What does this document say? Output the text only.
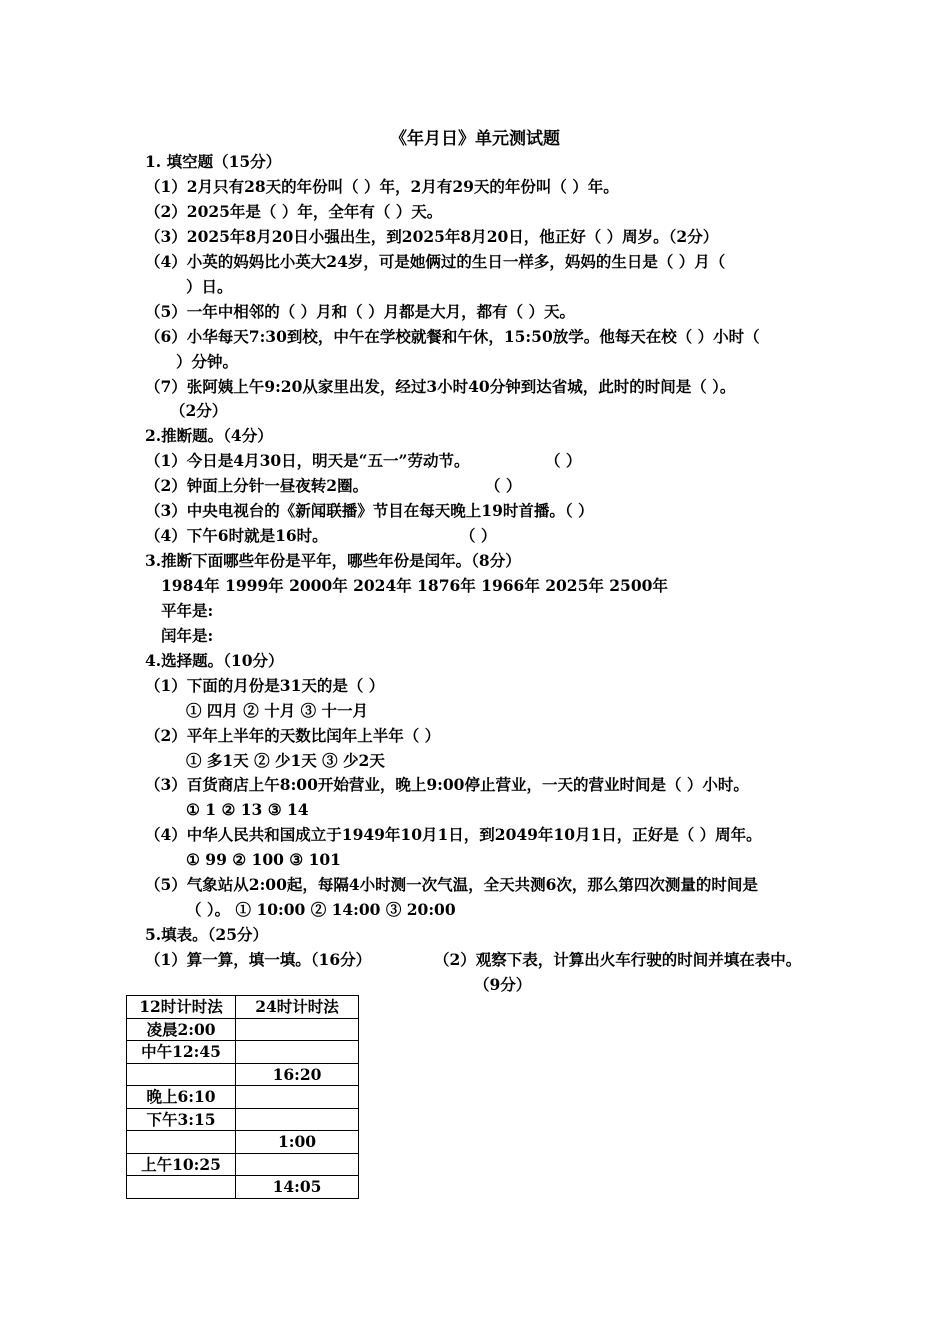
《年月日》单元测试题
1. 填空题（15分）
（1）2月只有28天的年份叫（ ）年，2月有29天的年份叫（ ）年。
（2）2025年是（ ）年，全年有（ ）天。
（3）2025年8月20日小强出生，到2025年8月20日，他正好（ ）周岁。（2分）
（4）小英的妈妈比小英大24岁，可是她俩过的生日一样多，妈妈的生日是（ ）月（
）日。
（5）一年中相邻的（ ）月和（ ）月都是大月，都有（ ）天。
（6）小华每天7:30到校，中午在学校就餐和午休，15:50放学。他每天在校（ ）小时（
）分钟。
（7）张阿姨上午9:20从家里出发，经过3小时40分钟到达省城，此时的时间是（ ）。
（2分）
2.推断题。（4分）
（1）今日是4月30日，明天是“五一”劳动节。	（ ）
（2）钟面上分针一昼夜转2圈。	（ ）
（3）中央电视台的《新闻联播》节目在每天晚上19时首播。（ ）
（4）下午6时就是16时。	（ ）
3.推断下面哪些年份是平年，哪些年份是闰年。（8分）
1984年 1999年 2000年 2024年 1876年 1966年 2025年 2500年
平年是:
闰年是:
4.选择题。（10分）
（1）下面的月份是31天的是（ ）
① 四月 ② 十月 ③ 十一月
（2）平年上半年的天数比闰年上半年（ ）
① 多1天 ② 少1天 ③ 少2天
（3）百货商店上午8:00开始营业，晚上9:00停止营业，一天的营业时间是（ ）小时。
① 1 ② 13 ③ 14
（4）中华人民共和国成立于1949年10月1日，到2049年10月1日，正好是（ ）周年。
① 99 ② 100 ③ 101
（5）气象站从2:00起，每隔4小时测一次气温，全天共测6次，那么第四次测量的时间是
（ ）。 ① 10:00 ② 14:00 ③ 20:00
5.填表。（25分）
（1）算一算，填一填。（16分）	（2）观察下表，计算出火车行驶的时间并填在表中。
（9分）
12时计时法	24时计时法
凌晨2:00	
中午12:45	
	16:20
晚上6:10	
下午3:15	
	1:00
上午10:25	
	14:05
